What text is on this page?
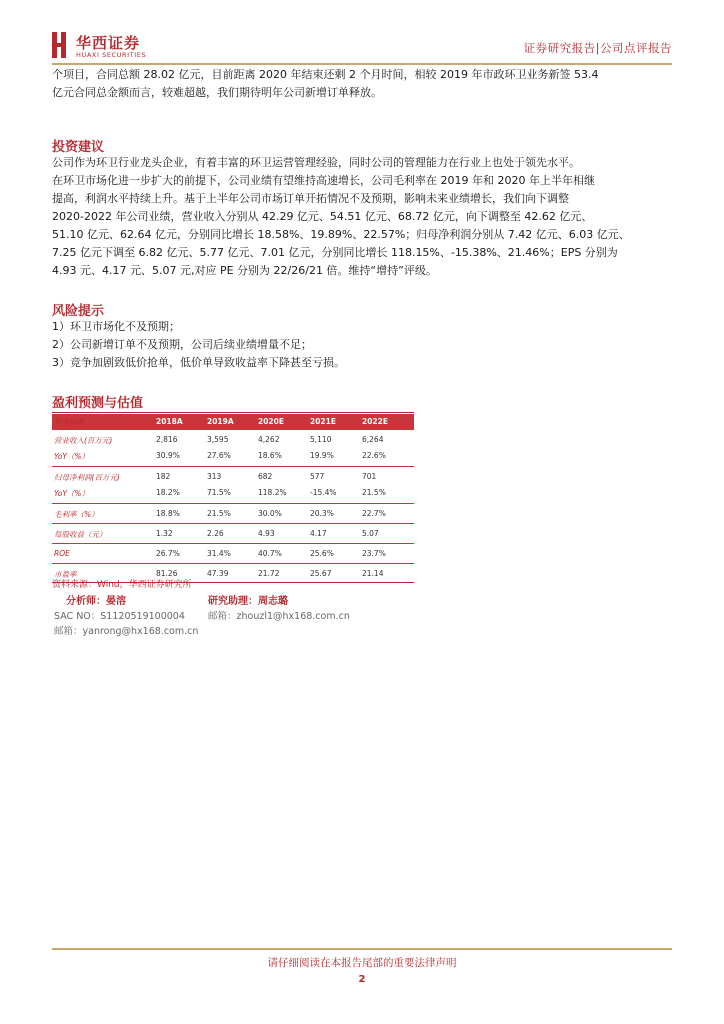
华西证券
HUAXI SECURITIES	证券研究报告|公司点评报告
个项目，合同总额 28.02 亿元，目前距离 2020 年结束还剩 2 个月时间，相较 2019 年市政环卫业务新签 53.4
亿元合同总金额而言，较难超越，我们期待明年公司新增订单释放。
投资建议
公司作为环卫行业龙头企业，有着丰富的环卫运营管理经验，同时公司的管理能力在行业上也处于领先水平。
在环卫市场化进一步扩大的前提下，公司业绩有望维持高速增长，公司毛利率在 2019 年和 2020 年上半年相继
提高，利润水平持续上升。基于上半年公司市场订单开拓情况不及预期，影响未来业绩增长，我们向下调整
2020-2022 年公司业绩，营业收入分别从 42.29 亿元、54.51 亿元、68.72 亿元，向下调整至 42.62 亿元、
51.10 亿元、62.64 亿元，分别同比增长 18.58%、19.89%、22.57%；归母净利润分别从 7.42 亿元、6.03 亿元、
7.25 亿元下调至 6.82 亿元、5.77 亿元、7.01 亿元，分别同比增长 118.15%、-15.38%、21.46%；EPS 分别为
4.93 元、4.17 元、5.07 元,对应 PE 分别为 22/26/21 倍。维持“增持”评级。
风险提示
1）环卫市场化不及预期；
2）公司新增订单不及预期，公司后续业绩增量不足；
3）竞争加剧致低价抢单，低价单导致收益率下降甚至亏损。
盈利预测与估值
财务摘要	2018A	2019A	2020E	2021E	2022E
营业收入(百万元)	2,816	3,595	4,262	5,110	6,264
YoY（%）	30.9%	27.6%	18.6%	19.9%	22.6%
归母净利润(百万元)	182	313	682	577	701
YoY（%）	18.2%	71.5%	118.2%	-15.4%	21.5%
毛利率（%）	18.8%	21.5%	30.0%	20.3%	22.7%
每股收益（元）	1.32	2.26	4.93	4.17	5.07
ROE	26.7%	31.4%	40.7%	25.6%	23.7%
市盈率	81.26	47.39	21.72	25.67	21.14
资料来源：Wind，华西证券研究所
分析师：晏溶
SAC NO：S1120519100004
邮箱：yanrong@hx168.com.cn
研究助理：周志璐
邮箱：zhouzl1@hx168.com.cn
请仔细阅读在本报告尾部的重要法律声明
2
